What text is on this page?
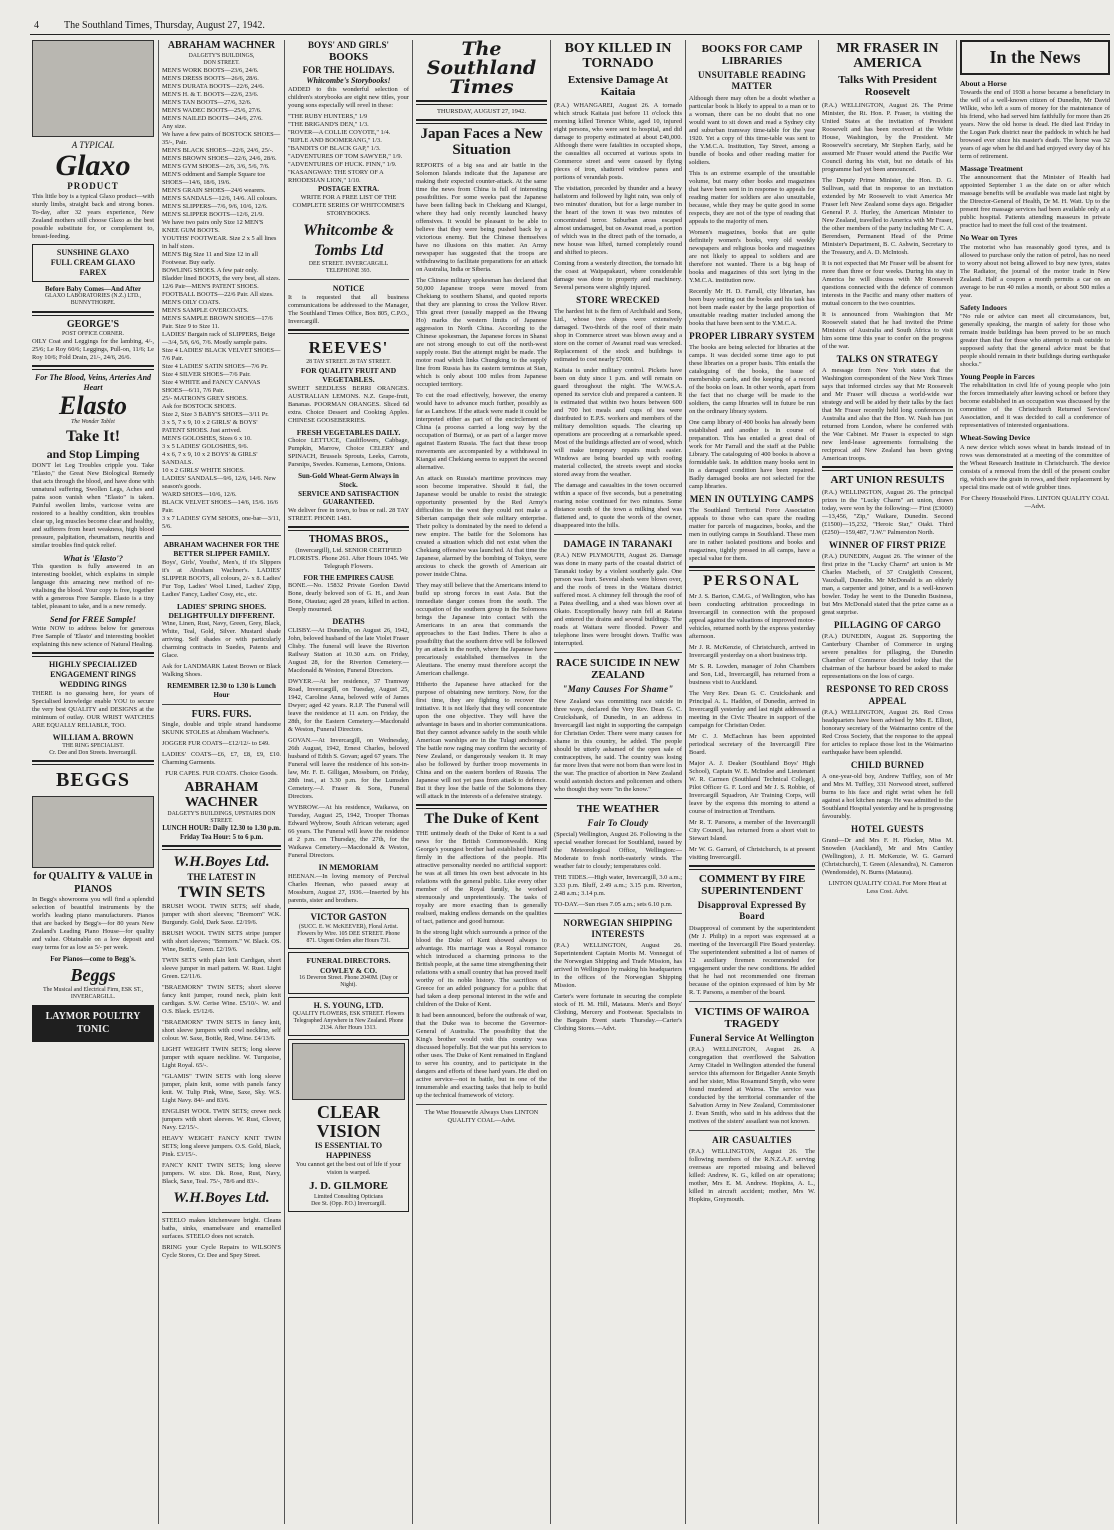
4	The Southland Times, Thursday, August 27, 1942.
A TYPICAL
Glaxo
PRODUCT

This little boy is a typical Glaxo product—with sturdy limbs, straight back and strong bones. To-day, after 32 years experience, New Zealand mothers still choose Glaxo as the best possible substitute for, or complement to, breast-feeding.

SUNSHINE GLAXO
FULL CREAM GLAXO
FAREX
Before Baby Comes—And After
GLAXO LABORATORIES (N.Z.) LTD., BUNNYTHORPE.
GEORGE'S
POST OFFICE CORNER.

OILY Coat and Leggings for the lambing, 4/-, 25/6; Le Roy 60/6; Leggings, Pull-on, 11/6; Le Roy 10/6; Fold Drain, 21/-, 24/6, 26/6.

For The Blood, Veins, Arteries And Heart
Elasto
The Wonder Tablet
Take It!
and Stop Limping

DON'T let Leg Troubles cripple you. Take "Elasto," the Great New Biological Remedy that acts through the blood, and have done with unnatural suffering, Swollen Legs, Aches and pains soon vanish when "Elasto" is taken. Painful swollen limbs, varicose veins are restored to a healthy condition, skin troubles clear up, leg muscles become clear and healthy, and sufferers from heart weakness, high blood pressure, palpitation, rheumatism, neuritis and similar troubles find quick relief.

What is 'Elasto'?

This question is fully answered in an interesting booklet, which explains in simple language this amazing new method of re-vitalising the blood. Your copy is free, together with a generous Free Sample. Elasto is a tiny tablet, pleasant to take, and is a new remedy.

Send for FREE Sample!

Write NOW to address below for generous Free Sample of 'Elasto' and interesting booklet explaining this new science of Natural Healing.

HIGHLY SPECIALIZED ENGAGEMENT RINGS WEDDING RINGS

THERE is no guessing here, for years of Specialised knowledge enable YOU to secure the very best QUALITY and DESIGNS at the minimum of outlay. OUR WRIST WATCHES ARE EQUALLY RELIABLE, TOO.

WILLIAM A. BROWN
THE RING SPECIALIST.
Cr. Dee and Don Streets. Invercargill.
BEGGS
for QUALITY & VALUE in PIANOS

In Begg's showrooms you will find a splendid selection of beautiful instruments by the world's leading piano manufacturers. Pianos that are backed by Begg's—for 80 years New Zealand's Leading Piano House—for quality and value. Obtainable on a low deposit and easy terms for as low as 5/- per week.

For Pianos—come to Begg's.
Beggs
The Musical and Electrical Firm, ESK ST., INVERCARGILL.
LAYMOR POULTRY TONIC
ABRAHAM WACHNER
DALGETY'S BUILDINGS,
DON STREET.

MEN'S WORK BOOTS—23/6, 24/6.

MEN'S DRESS BOOTS—26/6, 28/6.

MEN'S DURATA BOOTS—22/6, 24/6.

MEN'S H. & T. BOOTS—22/6, 23/6.

MEN'S TAN BOOTS—27/6, 32/6.

MEN'S WADEC BOOTS—25/6, 27/6.

MEN'S NAILED BOOTS—24/6, 27/6.

Any size.

We have a few pairs of BOSTOCK SHOES—35/-, Pair.

MEN'S BLACK SHOES—22/6, 24/6, 25/-.

MEN'S BROWN SHOES—22/6, 24/6, 28/6.

MEN'S GYM SHOES—2/6, 3/6, 5/6, 7/6.

MEN'S oddment and Sample Square toe SHOES—14/6, 18/6, 19/6.

MEN'S GRAIN SHOES—24/6 wearers.

MEN'S SANDALS—12/6, 14/6. All colours.

MEN'S SLIPPERS—7/6, 9/6, 10/6, 12/6.

MEN'S SLIPPER BOOTS—12/6, 21/9.

We have two pairs only Size 12 MEN'S KNEE GUM BOOTS.

YOUTHS' FOOTWEAR. Size 2 x 5 all lines in half sizes.

MEN'S Big Size 11 and Size 12 in all Footwear. Buy early.

BOWLING SHOES. A few pair only.

Bladder lined BOOTS, the very best, all sizes.

12/6 Pair—MEN'S PATENT SHOES.

FOOTBALL BOOTS—22/6 Pair. All sizes.

MEN'S OILY COATS.

MEN'S SAMPLE OVERCOATS.

MEN'S SAMPLE BROWN SHOES—17/6 Pair. Size 9 to Size 11.

LADIES' Bargain rack of SLIPPERS, Beige—3/4, 5/6, 6/6, 7/6. Mostly sample pairs.

Size 4 LADIES' BLACK VELVET SHOES—7/6 Pair.

Size 4 LADIES' SATIN SHOES—7/6 Pr.

Size 4 SILVER SHOES—7/6 Pair.

Size 4 WHITE and FANCY CANVAS SHOES—6/11, 7/6 Pair.

25/- MATRON'S GREY SHOES.

Ask for BOSTOCK SHOES.

Size 2, Size 3 BABY'S SHOES—3/11 Pr.

3 x 5, 7 x 9, 10 x 2 GIRLS' & BOYS' PATENT SHOES. Just arrived.

MEN'S GOLOSHES, Sizes 6 x 10.

3 x 5 LADIES' GOLOSHES, 9/6.

4 x 6, 7 x 9, 10 x 2 BOYS' & GIRLS' SANDALS.

10 x 2 GIRLS' WHITE SHOES.

LADIES' SANDALS—9/6, 12/6, 14/6. New season's goods.

WARD SHOES—10/6, 12/6.

BLACK VELVET SHOES—14/6, 15/6. 16/6 Pair.

3 x 7 LADIES' GYM SHOES, one-bar—3/11, 5/6.

ABRAHAM WACHNER FOR THE BETTER SLIPPER FAMILY.

Boys', Girls', Youths', Men's, if it's Slippers it's at Abraham Wachner's. LADIES' SLIPPER BOOTS, all colours, 2/- x 8. Ladies' Fur Top, Ladies' Wool Lined, Ladies' Zipp, Ladies' Fancy, Ladies' Cosy, etc., etc.

LADIES' SPRING SHOES. DELIGHTFULLY DIFFERENT.

Wine, Linen, Rust, Navy, Green, Grey, Black, White, Teal, Gold, Silver. Mustard shade arriving. Self shades or with particularly charming contracts in Suedes, Patents and Glace.

Ask for LANDMARK Latest Brown or Black Walking Shoes.

REMEMBER 12.30 to 1.30 is Lunch Hour
FURS. FURS.

Single, double and triple strand handsome SKUNK STOLES at Abraham Wachner's.

JOGGER FUR COATS—£12/12/- to £49.

LADIES' COATS—£6, £7, £8, £9, £10. Charming Garments.

FUR CAPES. FUR COATS. Choice Goods.

ABRAHAM WACHNER
DALGETY'S BUILDINGS, UPSTAIRS DON STREET.
LUNCH HOUR: Daily 12.30 to 1.30 p.m. Friday Tea Hour: 5 to 6 p.m.
W.H.Boyes Ltd.
THE LATEST IN
TWIN SETS

BRUSH WOOL TWIN SETS; self shade, jumper with short sleeves; "Bremorn" W.K. Burgundy. Gold, Dark Saxe. £2/19/6.

BRUSH WOOL TWIN SETS stripe jumper with short sleeves; "Bremorn." W. Black. OS. Wine, Bottle, Green. £2/19/6.

TWIN SETS with plain knit Cardigan, short sleeve jumper in marl pattern. W. Rust. Light Green. £2/11/6.

"BRAEMORN" TWIN SETS; short sleeve fancy knit jumper, round neck, plain knit cardigan. S.W. Cerise Wine. £5/10/-. W. and O.S. Black. £5/12/6.

"BRAEMORN" TWIN SETS in fancy knit, short sleeve jumpers with cowl neckline, self colour. W. Saxe, Bottle, Red, Wine. £4/13/6.

LIGHT WEIGHT TWIN SETS; long sleeve jumper with square neckline. W. Turquoise, Light Royal. 65/-.

"GLAMIS" TWIN SETS with long sleeve jumper, plain knit, some with panels fancy knit. W. Tulip Pink, Wine, Saxe, Sky. W.S. Light Navy. 84/- and 83/6.

ENGLISH WOOL TWIN SETS; crewe neck jumpers with short sleeves. W. Rust, Clover, Navy. £2/15/-.

HEAVY WEIGHT FANCY KNIT TWIN SETS; long sleeve jumpers. O.S. Gold, Black, Pink. £3/15/-.

FANCY KNIT TWIN SETS; long sleeve jumpers. W. size. Dk. Rose, Rust, Navy, Black, Saxe, Teal. 75/-, 78/6 and 83/-.

W.H.Boyes Ltd.

STEELO makes kitchenware bright. Cleans baths, sinks, enamelware and enamelled surfaces. STEELO does not scratch.

BRING your Cycle Repairs to WILSON'S Cycle Stores, Cr. Dee and Spey Street.

BOYS' AND GIRLS'
BOOKS
FOR THE HOLIDAYS.
Whitcombe's Storybooks!

ADDED to this wonderful selection of children's storybooks are eight new titles, your young sons especially will revel in these:

"THE RUBY HUNTERS," 1/9

"THE BRIGAND'S DEN," 1/3.

"ROVER—A COLLIE COYOTE," 1/4.

"RIFLE AND BOOMERANG," 1/3.

"BANDITS OF BLACK GAP," 1/3.

"ADVENTURES OF TOM SAWYER," 1/9.

"ADVENTURES OF HUCK. FINN," 1/9.

"KASANGWAY: THE STORY OF A RHODESIAN LION," 1/10.

POSTAGE EXTRA.

WRITE FOR A FREE LIST OF THE COMPLETE SERIES OF WHITCOMBE'S STORYBOOKS.

Whitcombe & Tombs Ltd
DEE STREET. INVERCARGILL
TELEPHONE 393.
NOTICE

It is requested that all business communications be addressed to the Manager, The Southland Times Office, Box 805, C.P.O., Invercargill.

REEVES'
28 TAY STREET. 28 TAY STREET.
FOR QUALITY FRUIT AND VEGETABLES.

SWEET SEEDLESS BERRI ORANGES. AUSTRALIAN LEMONS. N.Z. Grape-fruit, Bananas. POORMAN ORANGES. Sliced 6d extra. Choice Dessert and Cooking Apples. CHINESE GOOSEBERRIES.

FRESH VEGETABLES DAILY.

Choice LETTUCE, Cauliflowers, Cabbage, Pumpkin, Marrow, Choice CELERY and SPINACH, Brussels Sprouts, Leeks, Carrots, Parsnips, Swedes. Kumeras, Lemons, Onions.

Sun-Gold Wheat-Germ Always in Stock.
SERVICE AND SATISFACTION GUARANTEED.

We deliver free in town, to bus or rail. 28 TAY STREET. PHONE 1481.

THOMAS BROS.,

(Invercargill), Ltd. SENIOR CERTIFIED FLORISTS. Phone 261. After Hours 1045. We Telegraph Flowers.

FOR THE EMPIRES CAUSE

BONE.—No. 15832 Private Gordon David Bone, dearly beloved son of G. H., and Jean Bone, Otautau; aged 28 years, killed in action. Deeply mourned.

DEATHS

CLISBY.—At Dunedin, on August 26, 1942, John, beloved husband of the late Violet Fraser Clisby. The funeral will leave the Riverton Railway Station at 10.30 a.m. on Friday, August 28, for the Riverton Cemetery.—Macdonald & Weston, Funeral Directors.

DWYER.—At her residence, 37 Tramway Road, Invercargill, on Tuesday, August 25, 1942, Caroline Anna, beloved wife of James Dwyer; aged 42 years. R.I.P. The Funeral will leave the residence at 11 a.m. on Friday, the 28th, for the Eastern Cemetery.—Macdonald & Weston, Funeral Directors.

GOVAN.—At Invercargill, on Wednesday, 26th August, 1942, Ernest Charles, beloved husband of Edith S. Govan; aged 67 years. The Funeral will leave the residence of his son-in-law, Mr. F. E. Gilligan, Mossburn, on Friday, 28th inst., at 3.30 p.m. for the Lumsden Cemetery.—J. Fraser & Sons, Funeral Directors.

WYBROW.—At his residence, Waikawa, on Tuesday, August 25, 1942, Trooper Thomas Edward Wybrow, South African veteran; aged 66 years. The Funeral will leave the residence at 2 p.m. on Thursday, the 27th, for the Waikawa Cemetery.—Macdonald & Weston, Funeral Directors.

IN MEMORIAM

HEENAN.—In loving memory of Percival Charles Heenan, who passed away at Mossburn, August 27, 1936.—Inserted by his parents, sister and brothers.

VICTOR GASTON
(SUCC. E. W. McKEEVER), Floral Artist. Flowers by Wire. 105 DEE STREET. Phone 871. Urgent Orders after Hours 731.
FUNERAL DIRECTORS. COWLEY & CO.
16 Deveron Street. Phone 2040M. (Day or Night).
H. S. YOUNG, LTD.
QUALITY FLOWERS, ESK STREET. Flowers Telegraphed Anywhere in New Zealand. Phone 2134. After Hours 1313.
CLEAR VISION
IS ESSENTIAL TO HAPPINESS

You cannot get the best out of life if your vision is warped.

J. D. GILMORE
Limited Consulting Opticians
Dee St. (Opp. P.O.) Invercargill.
The Southland Times
THURSDAY, AUGUST 27, 1942.
Japan Faces a New Situation

REPORTS of a big sea and air battle in the Solomon Islands indicate that the Japanese are making their expected counter-attack. At the same time the news from China is full of interesting possibilities. For some weeks past the Japanese have been falling back in Chekiang and Kiangsi, where they had only recently launched heavy offensives. It would be pleasant to be able to believe that they were being pushed back by a victorious enemy. But the Chinese themselves have no illusions on this matter. An Army newspaper has suggested that the troops are withdrawing to facilitate preparations for an attack on Australia, India or Siberia.

The Chinese military spokesman has declared that 50,000 Japanese troops were moved from Chekiang to southern Shansi, and quoted reports that they are planning to cross the Yellow River. This great river (usually mapped as the Hwang Ho) marks the western limits of Japanese aggression in North China. According to the Chinese spokesman, the Japanese forces in Shansi are not strong enough to cut off the north-west supply route. But the attempt might be made. The motor road which links Chungking to the supply line from Russia has its eastern terminus at Sian, which is only about 100 miles from Japanese occupied territory.

To cut the road effectively, however, the enemy would have to advance much further, possibly as far as Lanchow. If the attack were made it could be interpreted either as part of the encirclement of China (a process carried a long way by the occupation of Burma), or as part of a larger move against Eastern Russia. The fact that these troop movements are accompanied by a withdrawal in Kiangsi and Chekiang seems to support the second alternative.

An attack on Russia's maritime provinces may soon become imperative. Should it fail, the Japanese would be unable to resist the strategic opportunity presented by the Red Army's difficulties in the west they could not make a Siberian campaign their sole military enterprise. Their policy is dominated by the need to defend a new empire. The battle for the Solomons has created a situation which did not exist when the Chekiang offensive was launched. At that time the Japanese, alarmed by the bombing of Tokyo, were anxious to check the growth of American air power inside China.

They may still believe that the Americans intend to build up strong forces in east Asia. But the immediate danger comes from the south. The occupation of the southern group in the Solomons brings the Japanese into contact with the Americans in an area that commands the approaches to the East Indies. There is also a possibility that the southern drive will be followed by an attack in the north, where the Japanese have precariously established themselves in the Aleutians. The enemy must therefore accept the American challenge.

Hitherto the Japanese have attacked for the purpose of obtaining new territory. Now, for the first time, they are fighting to recover the initiative. It is not likely that they will concentrate upon the one objective. They will have the advantage in bases and in shorter communications. But they cannot advance safely in the south while American warships are in the Tulagi anchorage. The battle now raging may confirm the security of New Zealand, or dangerously weaken it. It may also be followed by further troop movements in China and on the eastern borders of Russia. The Japanese will not yet pass from attack to defence. But it they lose the battle of the Solomons they will attack in the interests of a defensive strategy.

The Duke of Kent

THE untimely death of the Duke of Kent is a sad news for the British Commonwealth. King George's youngest brother had established himself firmly in the affections of the people. His attractive personality needed no artificial support: he was at all times his own best advocate in his relations with the general public. Like every other member of the Royal family, he worked strenuously and unpretentiously. The tasks of royalty are more exacting than is generally realised, making endless demands on the qualities of tact, patience and good humour.

In the strong light which surrounds a prince of the blood the Duke of Kent showed always to advantage. His marriage was a Royal romance which introduced a charming princess to the British people, at the same time strengthening their relations with a small country that has proved itself worthy of its noble history. The sacrifices of Greece for an added poignancy for a public that had taken a deep personal interest in the wife and children of the Duke of Kent.

It had been announced, before the outbreak of war, that the Duke was to become the Governor-General of Australia. The possibility that the King's brother would visit this country was discussed hopefully. But the war put his services to other uses. The Duke of Kent remained in England to serve his country, and to participate in the dangers and efforts of these hard years. He died on active service—not in battle, but in one of the innumerable and exacting tasks that help to build up the technical framework of victory.

The Wise Housewife Always Uses LINTON QUALITY COAL—Advt.

BOY KILLED IN TORNADO
Extensive Damage At Kaitaia

(P.A.) WHANGAREI, August 26. A tornado which struck Kaitaia just before 11 o'clock this morning killed Terence White, aged 10, injured eight persons, who were sent to hospital, and did damage to property estimated at about £40,000. Although there were fatalities in occupied shops, the casualties all occurred at various spots in Commerce street and were caused by flying pieces of iron, shattered window panes and portions of verandah posts.

The visitation, preceded by thunder and a heavy hailstorm and followed by light rain, was only of two minutes' duration, but for a large number in the heart of the town it was two minutes of concentrated terror. Suburban areas escaped almost undamaged, but on Awanui road, a portion of which was in the direct path of the tornado, a new house was lifted, turned completely round and shifted to pieces.

Coming from a westerly direction, the tornado hit the coast at Waipapakauri, where considerable damage was done to property and machinery. Several persons were slightly injured.

STORE WRECKED

The hardest hit is the firm of Archibald and Sons, Ltd., whose two shops were extensively damaged. Two-thirds of the roof of their main shop in Commerce street was blown away and a store on the corner of Awanui road was wrecked. Replacement of the stock and buildings is estimated to cost nearly £7000.

Kaitaia is under military control. Pickets have been on duty since 1 p.m. and will remain on guard throughout the night. The W.W.S.A. opened its service club and prepared a canteen. It is estimated that within two hours between 600 and 700 hot meals and cups of tea were distributed to E.P.S. workers and members of the military demolition squads. The clearing up operations are proceeding at a remarkable speed. Most of the buildings affected are of wood, which will make temporary repairs much easier. Windows are being boarded up with roofing material collected, the streets swept and stocks stored away from the weather.

The damage and casualties in the town occurred within a space of five seconds, but a penetrating roaring noise continued for two minutes. Some distance south of the town a milking shed was flattened and, to quote the words of the owner, disappeared into the hills.

DAMAGE IN TARANAKI

(P.A.) NEW PLYMOUTH, August 26. Damage was done in many parts of the coastal district of Taranaki today by a violent southerly gale. One person was hurt. Several sheds were blown over, and the roofs of trees in the Waitara district suffered most. A chimney fell through the roof of a Patea dwelling, and a shed was blown over at Okato. Exceptionally heavy rain fell at Ratana and entered the drains and several buildings. The roads at Waitara were flooded. Power and telephone lines were brought down. Traffic was interrupted.

RACE SUICIDE IN NEW ZEALAND
"Many Causes For Shame"

New Zealand was committing race suicide in three ways, declared the Very Rev. Dean G. C. Cruickshank, of Dunedin, in an address in Invercargill last night in supporting the campaign for Christian Order. There were many causes for shame in this country, he added. The people should be utterly ashamed of the open sale of contraceptives, he said. The country was losing far more lives that were not born than were lost in the war. The practice of abortion in New Zealand would astonish doctors and policemen and others who thought they were "in the know."

THE WEATHER
Fair To Cloudy

(Special) Wellington, August 26. Following is the special weather forecast for Southland, issued by the Meteorological Office, Wellington:— Moderate to fresh north-easterly winds. The weather fair to cloudy; temperatures cold.

THE TIDES.—High water, Invercargill, 3.0 a.m.; 3.33 p.m. Bluff, 2.49 a.m.; 3.15 p.m. Riverton, 2.48 a.m.; 3.14 p.m.

TO-DAY.—Sun rises 7.05 a.m.; sets 6.10 p.m.

NORWEGIAN SHIPPING INTERESTS

(P.A.) WELLINGTON, August 26. Superintendent Captain Morits M. Vonnegut of the Norwegian Shipping and Trade Mission, has arrived in Wellington by making his headquarters in the offices of the Norwegian Shipping Mission.

Carter's were fortunate in securing the complete stock of H. M. Hill, Mataura. Men's and Boys' Clothing, Mercery and Footwear. Specialists in the Bargain Event starts Thursday.—Carter's Clothing Stores.—Advt.

BOOKS FOR CAMP LIBRARIES
UNSUITABLE READING MATTER

Although there may often be a doubt whether a particular book is likely to appeal to a man or to a woman, there can be no doubt that no one would want to sit down and read a Sydney city and suburban tramway time-table for the year 1920. Yet a copy of this time-table was sent to the Y.M.C.A. Institution, Tay Street, among a bundle of books and other reading matter for soldiers.

This is an extreme example of the unsuitable volume, but many other books and magazines that have been sent in in response to appeals for reading matter for soldiers are also unsuitable, because, while they may be quite good in some respects, they are not of the type of reading that appeals to the majority of men.

Women's magazines, books that are quite definitely women's books, very old weekly newspapers and religious books and magazines are not likely to appeal to soldiers and are therefore not wanted. There is a big heap of books and magazines of this sort lying in the Y.M.C.A. institution now.

Recently Mr H. D. Farrall, city librarian, has been busy sorting out the books and his task has not been made easier by the large proportion of unsuitable reading matter included among the books that have been sent to the Y.M.C.A.

PROPER LIBRARY SYSTEM

The books are being selected for libraries at the camps. It was decided some time ago to put these libraries on a proper basis. This entails the cataloguing of the books, the issue of membership cards, and the keeping of a record of the books on loan. In other words, apart from the fact that no charge will be made to the soldiers, the camp libraries will in future be run on the ordinary library system.

One camp library of 400 books has already been established and another is in course of preparation. This has entailed a great deal of work for Mr Farrall and the staff at the Public Library. The cataloguing of 400 books is above a formidable task. In addition many books sent in in a damaged condition have been repaired. Badly damaged books are not selected for the camp libraries.

MEN IN OUTLYING CAMPS

The Southland Territorial Force Association appeals to those who can spare the reading matter for parcels of magazines, books, and the men in outlying camps in Southland. These men are in rather isolated positions and books and magazines, tightly pressed in all camps, have a special value for them.

PERSONAL

Mr J. S. Barton, C.M.G., of Wellington, who has been conducting arbitration proceedings in Invercargill in connection with the proposed appeal against the valuations of improved motor-vehicles, returned north by the express yesterday afternoon.

Mr J. R. McKenzie, of Christchurch, arrived in Invercargill yesterday on a short business trip.

Mr S. R. Lowden, manager of John Chambers and Son, Ltd., Invercargill, has returned from a business visit to Auckland.

The Very Rev. Dean G. C. Cruickshank and Principal A. L. Haddon, of Dunedin, arrived in Invercargill yesterday and last night addressed a meeting in the Civic Theatre in support of the campaign for Christian Order.

Mr C. J. McEachran has been appointed periodical secretary of the Invercargill Fire Board.

Major A. J. Deaker (Southland Boys' High School), Captain W. E. McIndoe and Lieutenant W. R. Carmen (Southland Technical College), Pilot Officer G. F. Lord and Mr J. S. Robbie, of Invercargill Squadron, Air Training Corps, will leave by the express this morning to attend a course of instruction at Trentham.

Mr R. T. Parsons, a member of the Invercargill City Council, has returned from a short visit to Stewart Island.

Mr W. G. Garrard, of Christchurch, is at present visiting Invercargill.

COMMENT BY FIRE SUPERINTENDENT
Disapproval Expressed By Board

Disapproval of comment by the superintendent (Mr J. Philip) in a report was expressed at a meeting of the Invercargill Fire Board yesterday. The superintendent submitted a list of names of 12 auxiliary firemen recommended for engagement under the new conditions. He added that he had not recommended one fireman because of the opinion expressed of him by Mr R. T. Parsons, a member of the board.

VICTIMS OF WAIROA TRAGEDY
Funeral Service At Wellington

(P.A.) WELLINGTON, August 26. A congregation that overflowed the Salvation Army Citadel in Wellington attended the funeral service this afternoon for Brigadier Annie Smyth and her sister, Miss Rosamund Smyth, who were found murdered at Wairoa. The service was conducted by the territorial commander of the Salvation Army in New Zealand, Commissioner J. Evan Smith, who said in his address that the motives of the sisters' assailant was not known.

AIR CASUALTIES

(P.A.) WELLINGTON, August 26. The following members of the R.N.Z.A.F. serving overseas are reported missing and believed killed: Andrew, K. G., killed on air operations; mother, Mrs E. M. Andrew. Hopkins, A. L., killed in aircraft accident; mother, Mrs W. Hopkins, Greymouth.

MR FRASER IN AMERICA
Talks With President Roosevelt

(P.A.) WELLINGTON, August 26. The Prime Minister, the Rt. Hon. P. Fraser, is visiting the United States at the invitation of President Roosevelt and has been received at the White House, Washington, by the President. Mr Roosevelt's secretary, Mr Stephen Early, said he assumed Mr Fraser would attend the Pacific War Council during his visit, but no details of his programme had yet been announced.

The Deputy Prime Minister, the Hon. D. G. Sullivan, said that in response to an invitation extended by Mr Roosevelt to visit America Mr Fraser left New Zealand some days ago. Brigadier General P. J. Hurley, the American Minister to New Zealand, travelled to America with Mr Fraser, the other members of the party including Mr C. A. Berendsen, Permanent Head of the Prime Minister's Department, B. C. Ashwin, Secretary to the Treasury, and A. D. McIntosh.

It is not expected that Mr Fraser will be absent for more than three or four weeks. During his stay in America he will discuss with Mr Roosevelt questions connected with the defence of common interests in the Pacific and many other matters of mutual concern to the two countries.

It is announced from Washington that Mr Roosevelt stated that he had invited the Prime Ministers of Australia and South Africa to visit him some time this year to confer on the progress of the war.

TALKS ON STRATEGY

A message from New York states that the Washington correspondent of the New York Times says that informed circles say that Mr Roosevelt and Mr Fraser will discuss a world-wide war strategy and will be aided by their talks by the fact that Mr Fraser recently held long conferences in Australia and also that the Hon. W. Nash has just returned from London, where he conferred with the War Cabinet. Mr Fraser is expected to sign new lend-lease agreements formalising the reciprocal aid New Zealand has been giving American troops.

ART UNION RESULTS

(P.A.) WELLINGTON, August 26. The principal prizes in the "Lucky Charm" art union, drawn today, were won by the following:— First (£3000)—13,456, "Zip," Waikare, Dunedin. Second (£1500)—15,232, "Heroic Star," Otaki. Third (£250)—159,487, "J.W." Palmerston North.

WINNER OF FIRST PRIZE

(P.A.) DUNEDIN, August 26. The winner of the first prize in the "Lucky Charm" art union is Mr Charles Macbeth, of 37 Craigleith Crescent, Vauxhall, Dunedin. Mr McDonald is an elderly man, a carpenter and joiner, and is a well-known bowler. Today he went to the Dunedin Business, but Mrs McDonald stated that the prize came as a great surprise.

PILLAGING OF CARGO

(P.A.) DUNEDIN, August 26. Supporting the Canterbury Chamber of Commerce in urging severe penalties for pillaging, the Dunedin Chamber of Commerce decided today that the chairman of the harbour board be asked to make representations on the loss of cargo.

RESPONSE TO RED CROSS APPEAL

(P.A.) WELLINGTON, August 26. Red Cross headquarters have been advised by Mrs E. Elliott, honorary secretary of the Waimarino centre of the Red Cross Society, that the response to the appeal for articles to replace those lost in the Waimarino earthquake have been splendid.

CHILD BURNED

A one-year-old boy, Andrew Tuffley, son of Mr and Mrs M. Tuffley, 331 Norwood street, suffered burns to his face and right wrist when he fell against a hot kitchen range. He was admitted to the Southland Hospital yesterday and he is progressing favourably.

HOTEL GUESTS

Grand—Dr and Mrs F. H. Plucker, Miss M. Snowden (Auckland), Mr and Mrs Cantley (Wellington), J. H. McKenzie, W. G. Garrard (Christchurch), T. Green (Alexandra), N. Cameron (Wendonside), N. Burns (Mataura).

LINTON QUALITY COAL For More Heat at Less Cost. Advt.

In the News
About a Horse

Towards the end of 1938 a horse became a beneficiary in the will of a well-known citizen of Dunedin, Mr David Wilkie, who left a sum of money for the maintenance of his friend, who had served him faithfully for more than 26 years. Now the old horse is dead. He died last Friday in the Logan Park district near the paddock in which he had browsed ever since his master's death. The horse was 32 years of age when he did and had enjoyed every day of his term of retirement.

Massage Treatment

The announcement that the Minister of Health had appointed September 1 as the date on or after which massage benefits will be available was made last night by the Director-General of Health, Dr M. H. Watt. Up to the present free massage services had been available only at a public hospital. Patients attending masseurs in private practice had to meet the full cost of the treatment.

No Wear on Tyres

The motorist who has reasonably good tyres, and is allowed to purchase only the ration of petrol, has no need to worry about not being allowed to buy new tyres, states The Radiator, the journal of the motor trade in New Zealand. Half a coupon a month permits a car on an average to be run 40 miles a month, or about 500 miles a year.

Safety Indoors

"No rule or advice can meet all circumstances, but, generally speaking, the margin of safety for those who remain inside buildings has been proved to be so much greater than that for those who attempt to rush outside to supposed safety that the general advice must be that people should remain in their buildings during earthquake shocks."

Young People in Farces

The rehabilitation in civil life of young people who join the forces immediately after leaving school or before they become established in an occupation was discussed by the committee of the Christchurch Returned Services' Association, and it was decided to call a conference of representatives of interested organisations.

Wheat-Sowing Device

A new device which sows wheat in bands instead of in rows was demonstrated at a meeting of the committee of the Wheat Research Institute in Christchurch. The device consists of a removal from the drill of the present coulter rig, which sow the grain in rows, and their replacement by special tins made out of wide grubber tines.

For Cheery Household Fires. LINTON QUALITY COAL—Advt.
